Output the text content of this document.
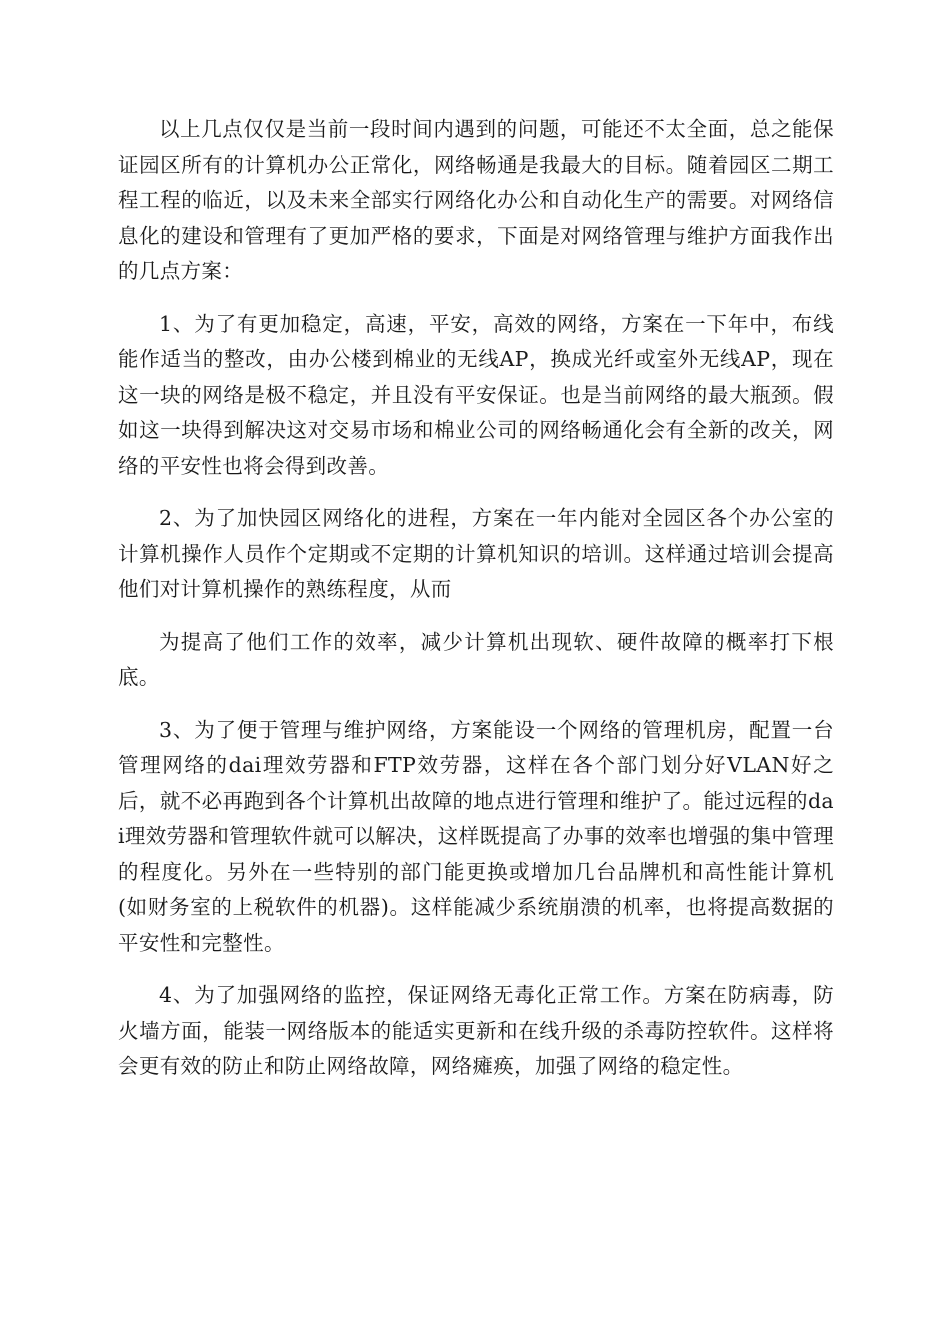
以上几点仅仅是当前一段时间内遇到的问题，可能还不太全面，总之能保证园区所有的计算机办公正常化，网络畅通是我最大的目标。随着园区二期工程工程的临近，以及未来全部实行网络化办公和自动化生产的需要。对网络信息化的建设和管理有了更加严格的要求，下面是对网络管理与维护方面我作出的几点方案：

1、为了有更加稳定，高速，平安，高效的网络，方案在一下年中，布线能作适当的整改，由办公楼到棉业的无线AP，换成光纤或室外无线AP，现在这一块的网络是极不稳定，并且没有平安保证。也是当前网络的最大瓶颈。假如这一块得到解决这对交易市场和棉业公司的网络畅通化会有全新的改关，网络的平安性也将会得到改善。

2、为了加快园区网络化的进程，方案在一年内能对全园区各个办公室的计算机操作人员作个定期或不定期的计算机知识的培训。这样通过培训会提高他们对计算机操作的熟练程度，从而

为提高了他们工作的效率，减少计算机出现软、硬件故障的概率打下根底。

3、为了便于管理与维护网络，方案能设一个网络的管理机房，配置一台管理网络的dai理效劳器和FTP效劳器，这样在各个部门划分好VLAN好之后，就不必再跑到各个计算机出故障的地点进行管理和维护了。能过远程的dai理效劳器和管理软件就可以解决，这样既提高了办事的效率也增强的集中管理的程度化。另外在一些特别的部门能更换或增加几台品牌机和高性能计算机(如财务室的上税软件的机器)。这样能减少系统崩溃的机率，也将提高数据的平安性和完整性。

4、为了加强网络的监控，保证网络无毒化正常工作。方案在防病毒，防火墙方面，能装一网络版本的能适实更新和在线升级的杀毒防控软件。这样将会更有效的防止和防止网络故障，网络瘫痪，加强了网络的稳定性。
